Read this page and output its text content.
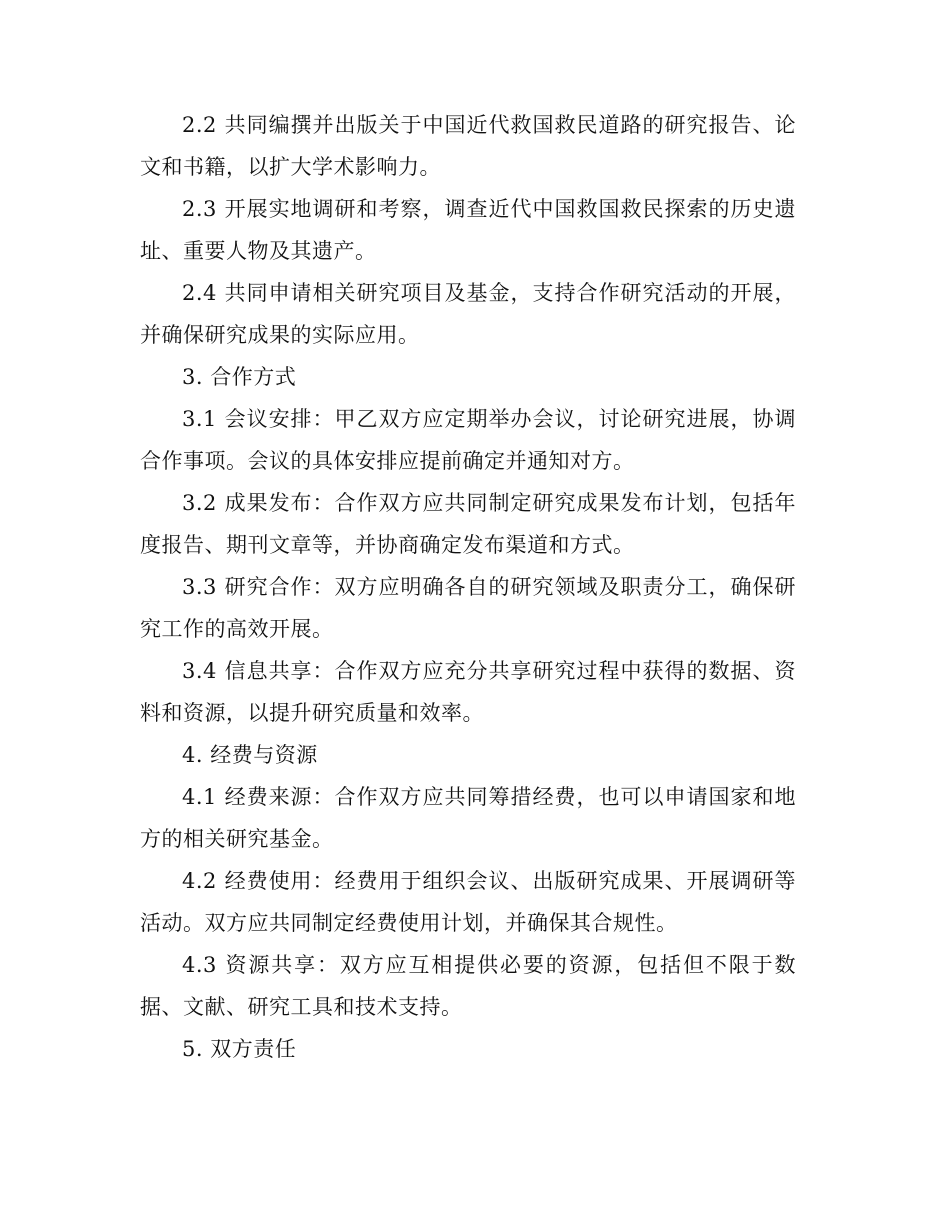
2.2 共同编撰并出版关于中国近代救国救民道路的研究报告、论文和书籍，以扩大学术影响力。

2.3 开展实地调研和考察，调查近代中国救国救民探索的历史遗址、重要人物及其遗产。

2.4 共同申请相关研究项目及基金，支持合作研究活动的开展，并确保研究成果的实际应用。

3. 合作方式

3.1 会议安排：甲乙双方应定期举办会议，讨论研究进展，协调合作事项。会议的具体安排应提前确定并通知对方。

3.2 成果发布：合作双方应共同制定研究成果发布计划，包括年度报告、期刊文章等，并协商确定发布渠道和方式。

3.3 研究合作：双方应明确各自的研究领域及职责分工，确保研究工作的高效开展。

3.4 信息共享：合作双方应充分共享研究过程中获得的数据、资料和资源，以提升研究质量和效率。

4. 经费与资源

4.1 经费来源：合作双方应共同筹措经费，也可以申请国家和地方的相关研究基金。

4.2 经费使用：经费用于组织会议、出版研究成果、开展调研等活动。双方应共同制定经费使用计划，并确保其合规性。

4.3 资源共享：双方应互相提供必要的资源，包括但不限于数据、文献、研究工具和技术支持。

5. 双方责任
